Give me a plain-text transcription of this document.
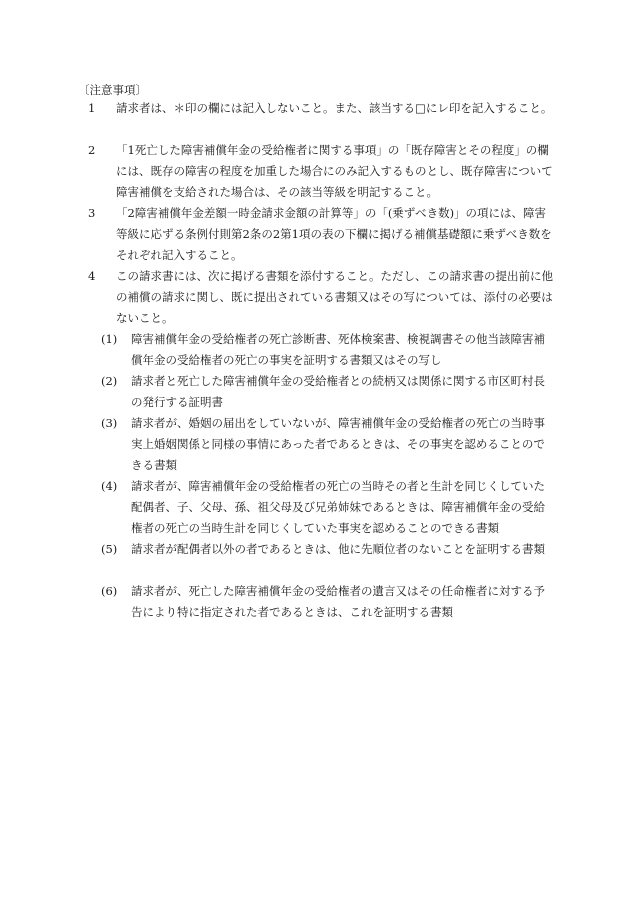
〔注意事項〕
1	請求者は、＊印の欄には記入しないこと。また、該当する□にレ印を記入すること。
2	「1死亡した障害補償年金の受給権者に関する事項」の「既存障害とその程度」の欄には、既存の障害の程度を加重した場合にのみ記入するものとし、既存障害について障害補償を支給された場合は、その該当等級を明記すること。
3	「2障害補償年金差額一時金請求金額の計算等」の「(乗ずべき数)」の項には、障害等級に応ずる条例付則第2条の2第1項の表の下欄に掲げる補償基礎額に乗ずべき数をそれぞれ記入すること。
4	この請求書には、次に掲げる書類を添付すること。ただし、この請求書の提出前に他の補償の請求に関し、既に提出されている書類又はその写については、添付の必要はないこと。
(1)	障害補償年金の受給権者の死亡診断書、死体検案書、検視調書その他当該障害補償年金の受給権者の死亡の事実を証明する書類又はその写し
(2)	請求者と死亡した障害補償年金の受給権者との続柄又は関係に関する市区町村長の発行する証明書
(3)	請求者が、婚姻の届出をしていないが、障害補償年金の受給権者の死亡の当時事実上婚姻関係と同様の事情にあった者であるときは、その事実を認めることのできる書類
(4)	請求者が、障害補償年金の受給権者の死亡の当時その者と生計を同じくしていた配偶者、子、父母、孫、祖父母及び兄弟姉妹であるときは、障害補償年金の受給権者の死亡の当時生計を同じくしていた事実を認めることのできる書類
(5)	請求者が配偶者以外の者であるときは、他に先順位者のないことを証明する書類
(6)	請求者が、死亡した障害補償年金の受給権者の遺言又はその任命権者に対する予告により特に指定された者であるときは、これを証明する書類
